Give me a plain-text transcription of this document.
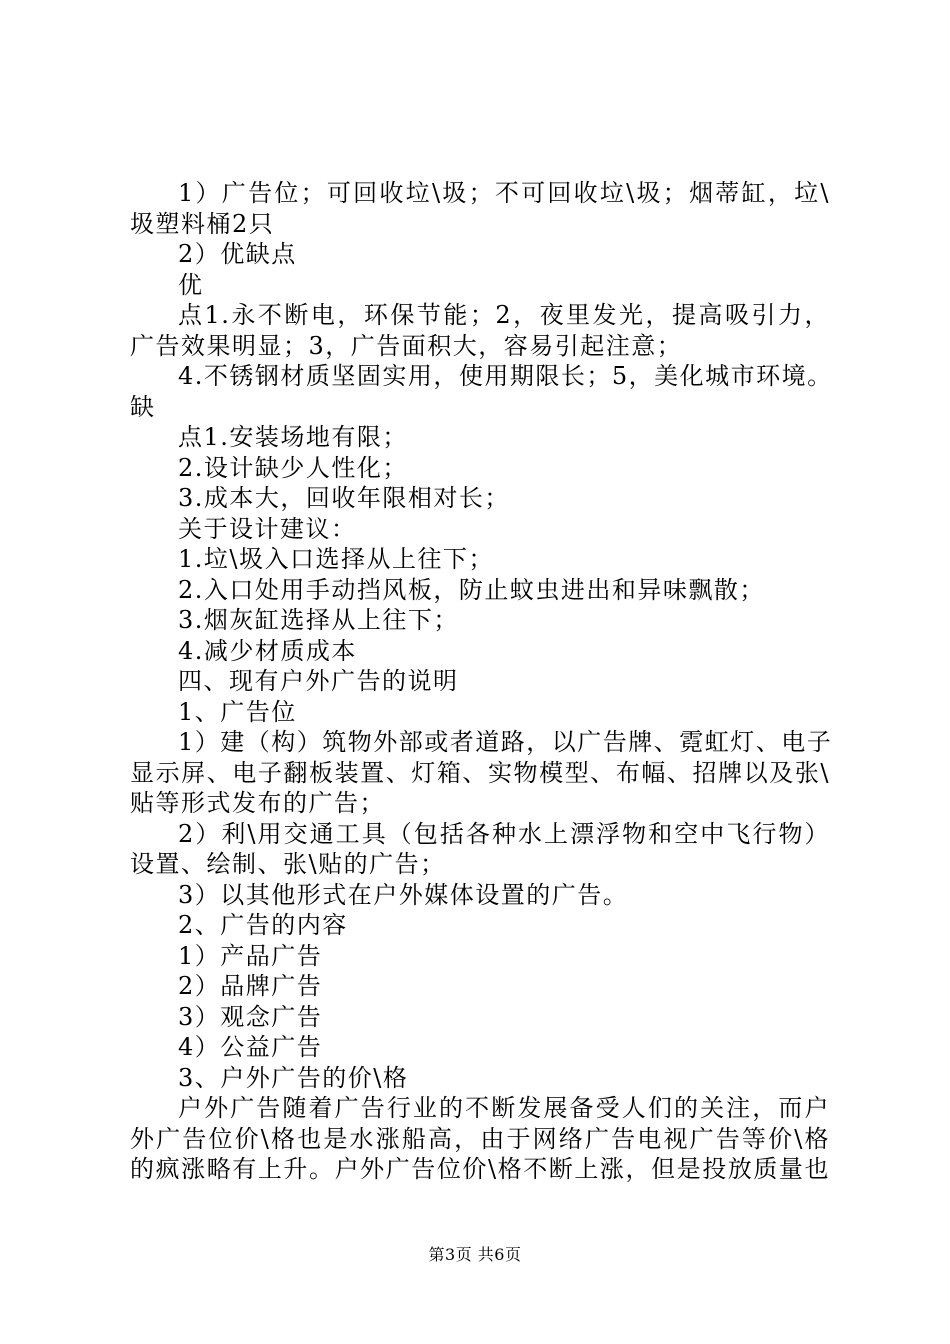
1）广告位；可回收垃\圾；不可回收垃\圾；烟蒂缸，垃\
圾塑料桶2只
2）优缺点
优
点1.永不断电，环保节能；2，夜里发光，提高吸引力，
广告效果明显；3，广告面积大，容易引起注意；
4.不锈钢材质坚固实用，使用期限长；5，美化城市环境。
缺
点1.安装场地有限；
2.设计缺少人性化；
3.成本大，回收年限相对长；
关于设计建议：
1.垃\圾入口选择从上往下；
2.入口处用手动挡风板，防止蚊虫进出和异味飘散；
3.烟灰缸选择从上往下；
4.减少材质成本
四、现有户外广告的说明
1、广告位
1）建（构）筑物外部或者道路，以广告牌、霓虹灯、电子
显示屏、电子翻板装置、灯箱、实物模型、布幅、招牌以及张\
贴等形式发布的广告；
2）利\用交通工具（包括各种水上漂浮物和空中飞行物）
设置、绘制、张\贴的广告；
3）以其他形式在户外媒体设置的广告。
2、广告的内容
1）产品广告
2）品牌广告
3）观念广告
4）公益广告
3、户外广告的价\格
户外广告随着广告行业的不断发展备受人们的关注，而户
外广告位价\格也是水涨船高，由于网络广告电视广告等价\格
的疯涨略有上升。户外广告位价\格不断上涨，但是投放质量也
第3页 共6页
